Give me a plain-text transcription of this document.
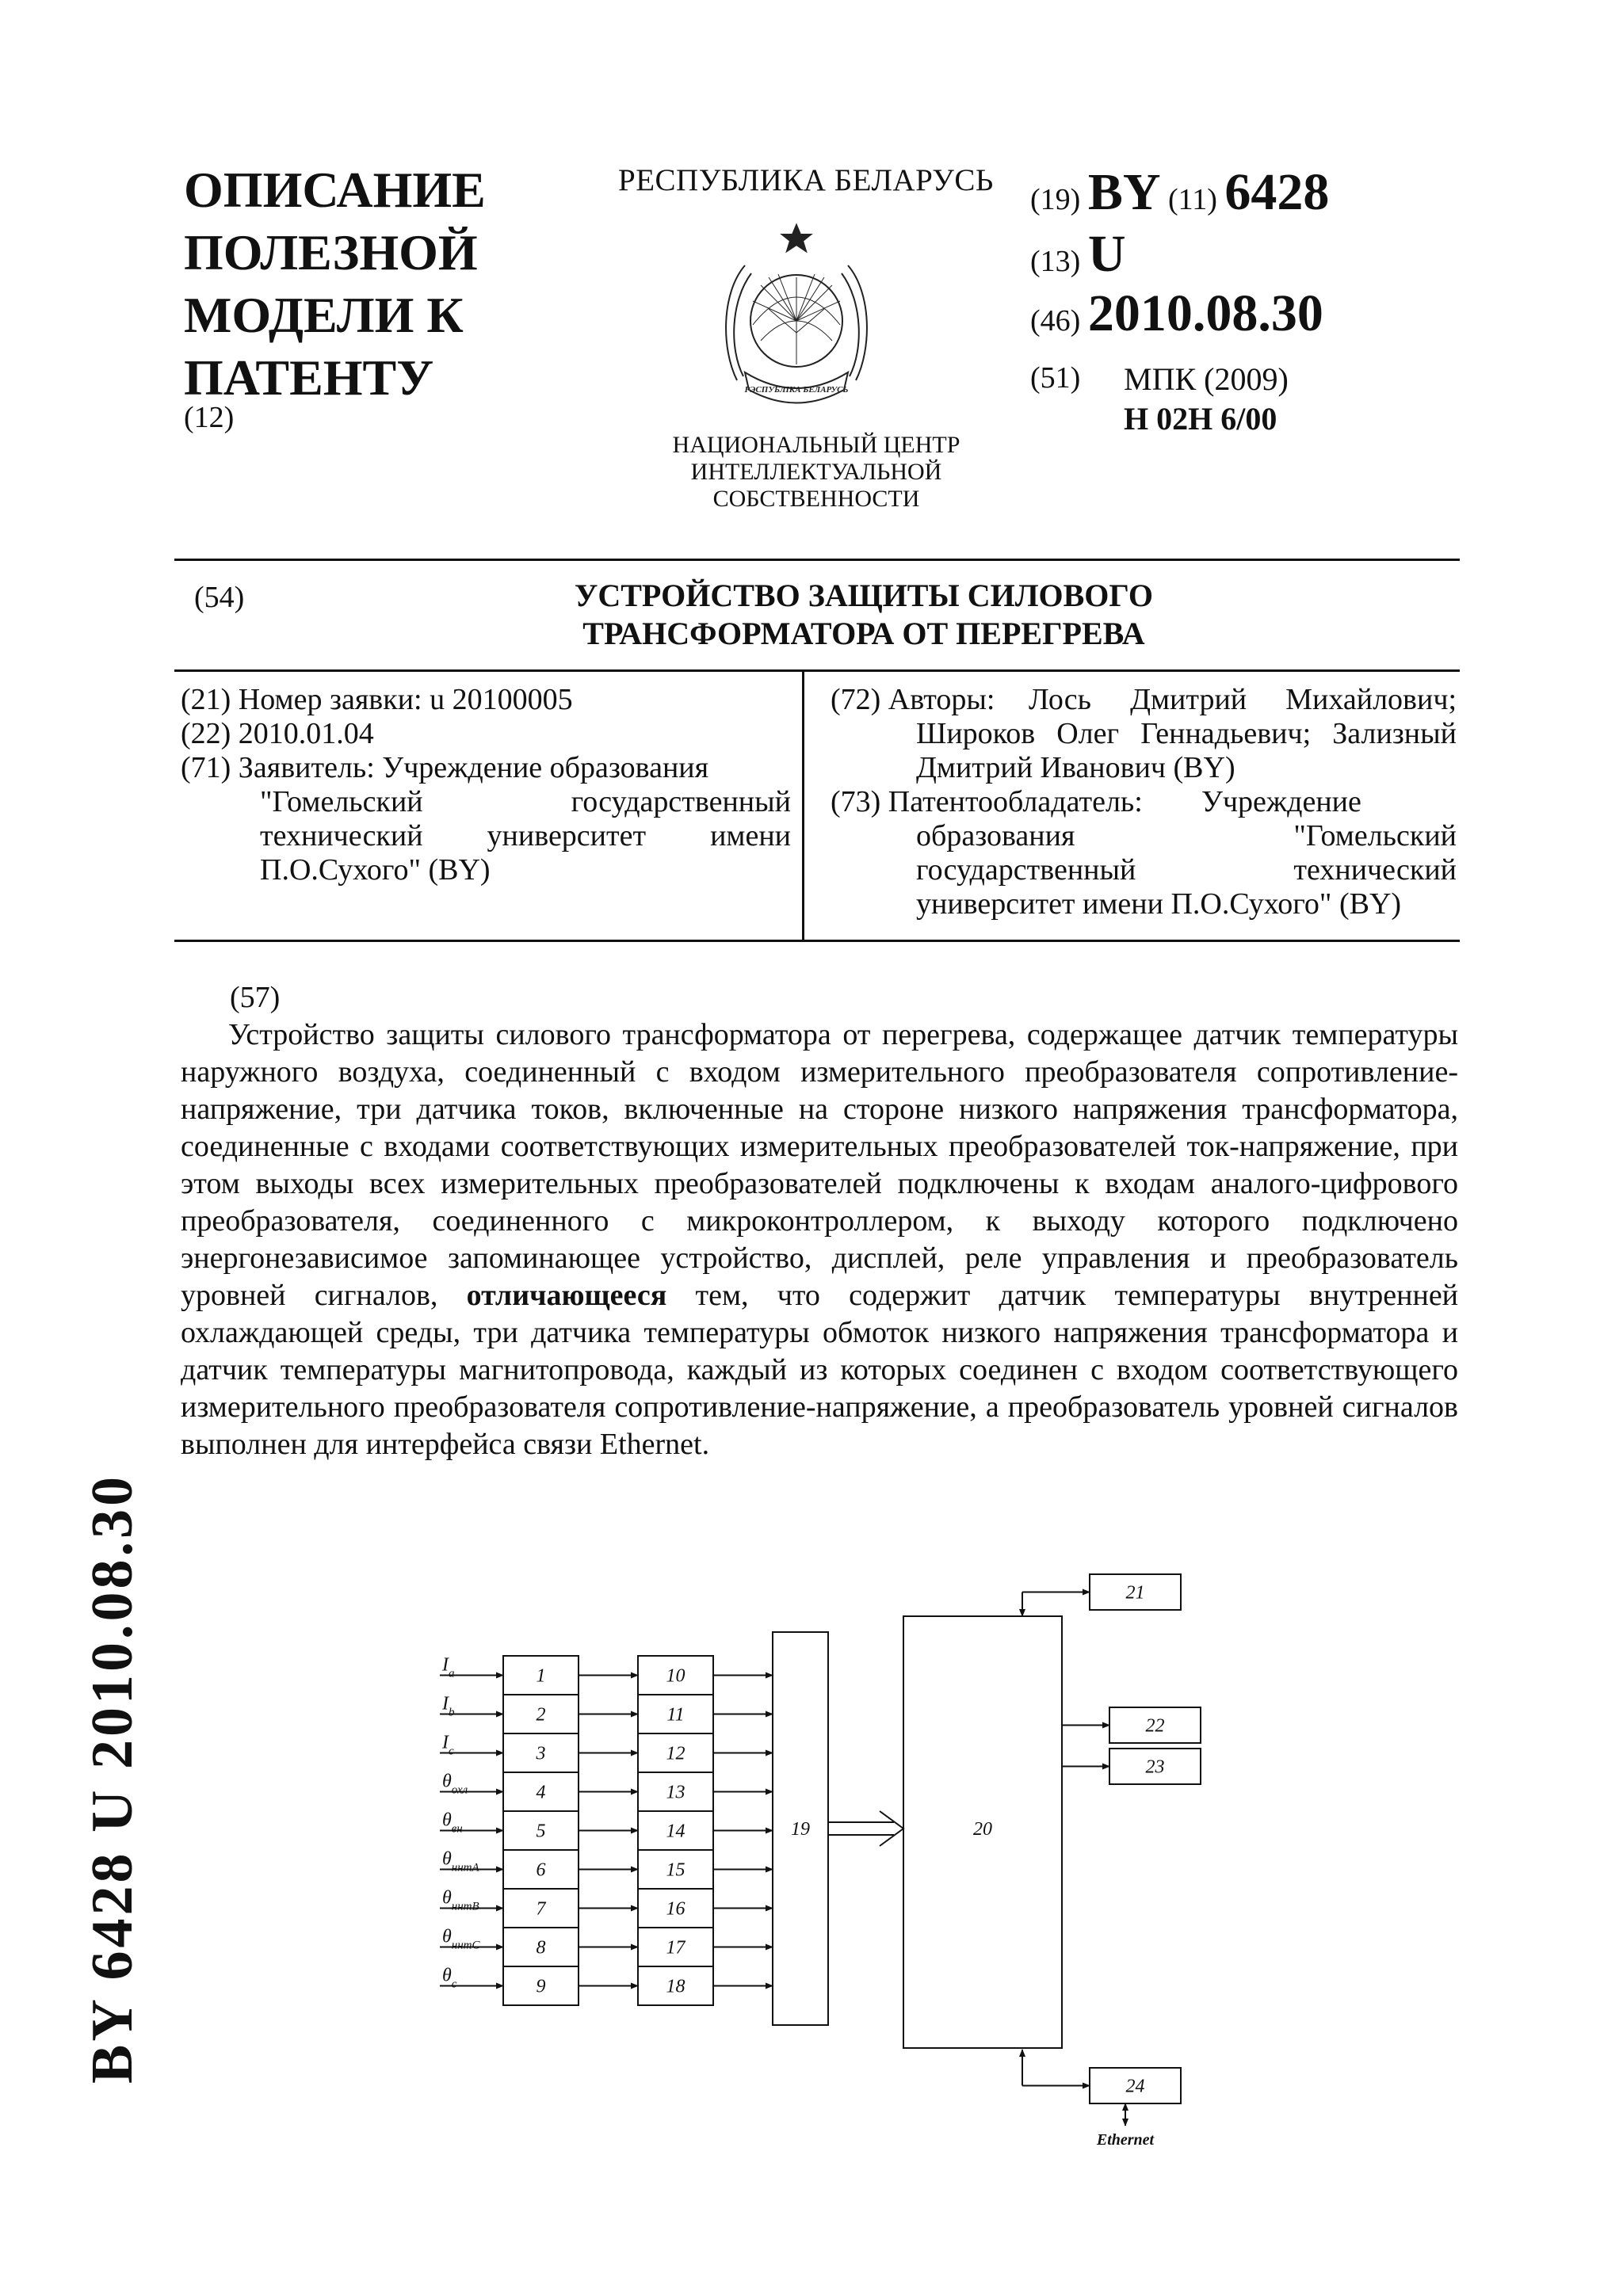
ОПИСАНИЕ
ПОЛЕЗНОЙ
МОДЕЛИ К
ПАТЕНТУ
(12)
РЕСПУБЛИКА БЕЛАРУСЬ
РЭСПУБЛІКА БЕЛАРУСЬ
НАЦИОНАЛЬНЫЙ ЦЕНТР
ИНТЕЛЛЕКТУАЛЬНОЙ
СОБСТВЕННОСТИ
(19) BY (11) 6428
(13) U
(46) 2010.08.30
(51) МПК (2009)
H 02H 6/00
(54)	УСТРОЙСТВО ЗАЩИТЫ СИЛОВОГО
ТРАНСФОРМАТОРА ОТ ПЕРЕГРЕВА
(21) Номер заявки: u 20100005
(22) 2010.01.04
(71) Заявитель: Учреждение образования
"Гомельский государственный технический университет имени П.О.Сухого" (BY)
(72) Авторы:	Лось Дмитрий Михайлович; Широков Олег Геннадьевич; Зализный Дмитрий Иванович (BY)
(73) Патентообладатель:	Учреждение образования "Гомельский государственный технический университет имени П.О.Сухого" (BY)
(57)
Устройство защиты силового трансформатора от перегрева, содержащее датчик температуры наружного воздуха, соединенный с входом измерительного преобразователя сопротивление-напряжение, три датчика токов, включенные на стороне низкого напряжения трансформатора, соединенные с входами соответствующих измерительных преобразователей ток-напряжение, при этом выходы всех измерительных преобразователей подключены к входам аналого-цифрового преобразователя, соединенного с микроконтроллером, к выходу которого подключено энергонезависимое запоминающее устройство, дисплей, реле управления и преобразователь уровней сигналов, отличающееся тем, что содержит датчик температуры внутренней охлаждающей среды, три датчика температуры обмоток низкого напряжения трансформатора и датчик температуры магнитопровода, каждый из которых соединен с входом соответствующего измерительного преобразователя сопротивление-напряжение, а преобразователь уровней сигналов выполнен для интерфейса связи Ethernet.
$I_a$	1	10
$I_b$	2	11
$I_c$	3	12
$\theta_{охл}$	4	13
$\theta_{вн}$	5	14
$\theta_{ннтA}$	6	15
$\theta_{ннтB}$	7	16
$\theta_{ннтC}$	8	17
$\theta_c$	9	18
19	20
21
22
23
24
Ethernet
BY 6428 U 2010.08.30
